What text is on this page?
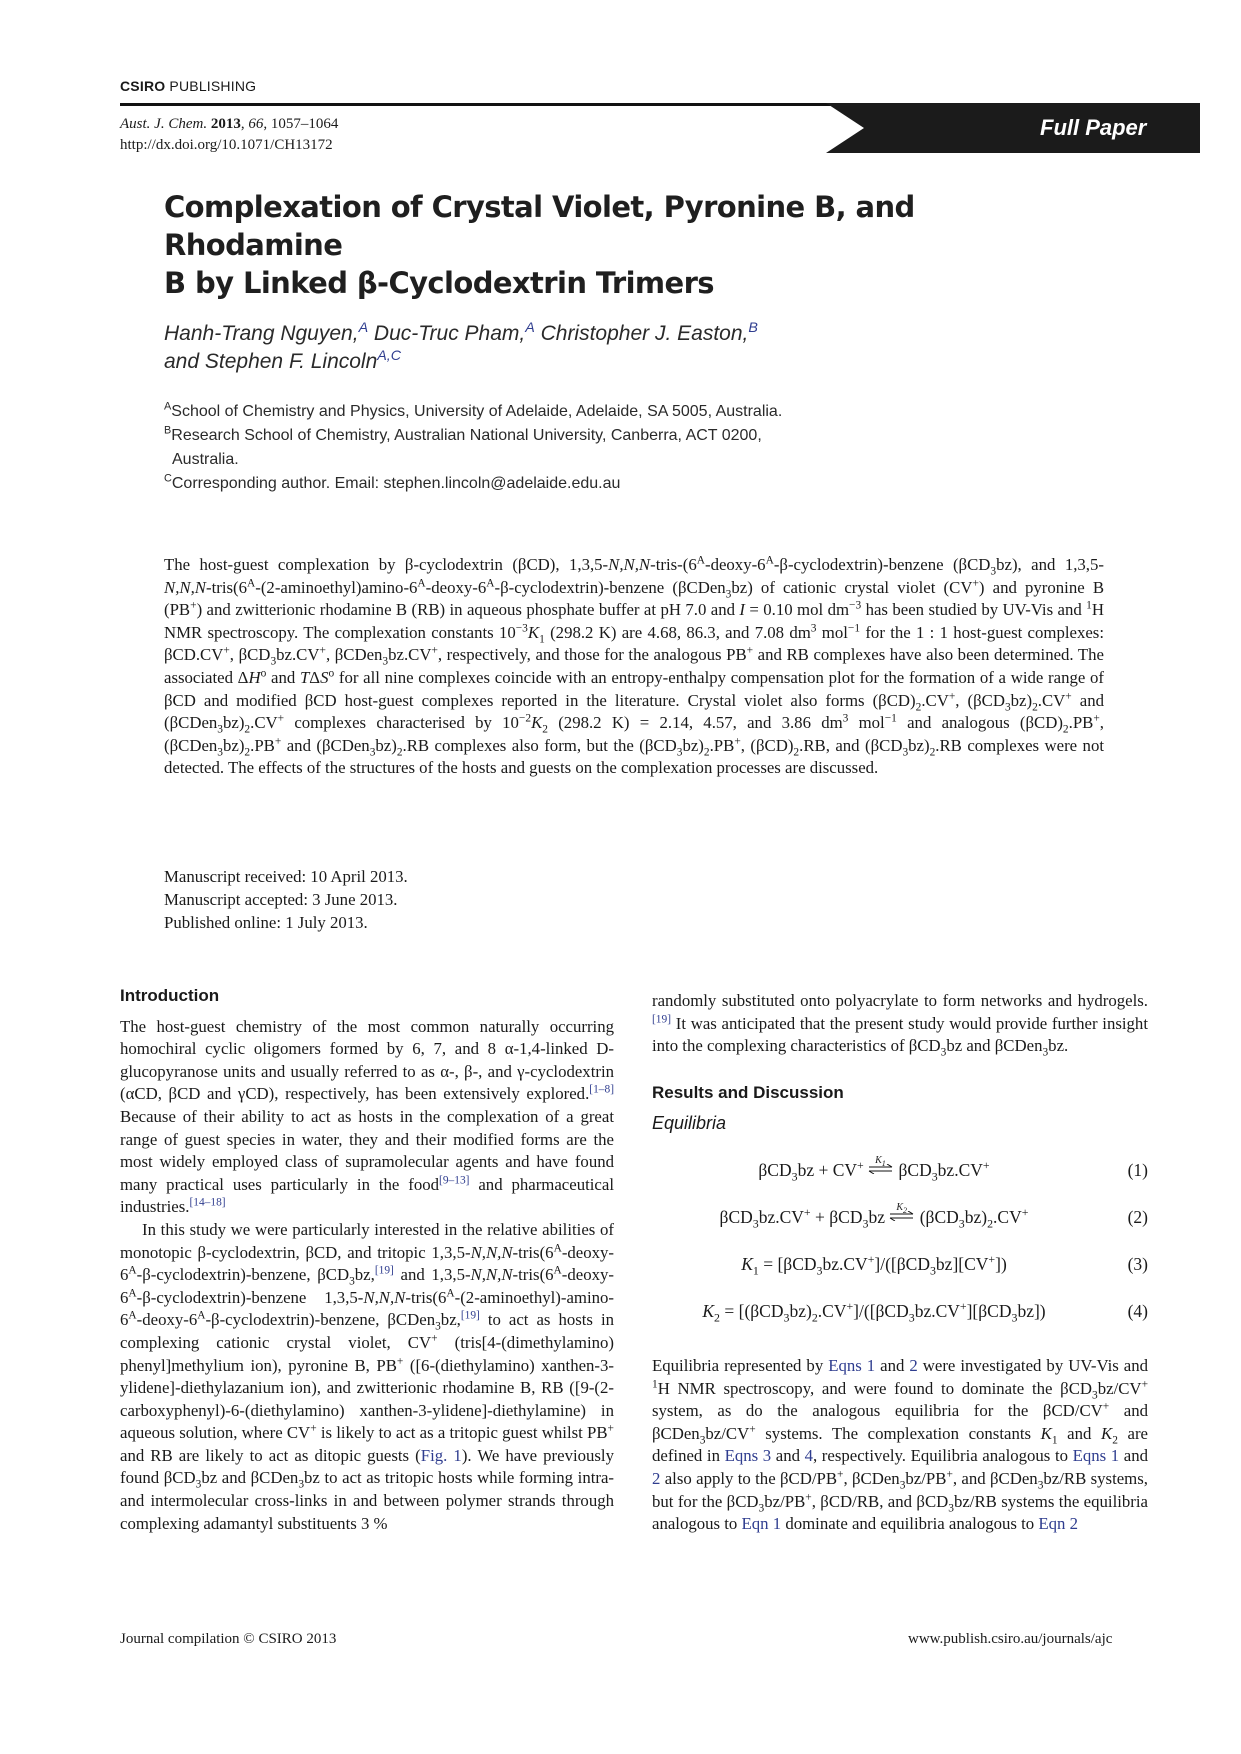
CSIRO PUBLISHING
Aust. J. Chem. 2013, 66, 1057–1064
http://dx.doi.org/10.1071/CH13172
Full Paper
Complexation of Crystal Violet, Pyronine B, and Rhodamine
B by Linked β-Cyclodextrin Trimers
Hanh-Trang Nguyen,$^A$ Duc-Truc Pham,$^A$ Christopher J. Easton,$^B$
and Stephen F. Lincoln$^{A,C}$

$^A$School of Chemistry and Physics, University of Adelaide, Adelaide, SA 5005, Australia.

$^B$Research School of Chemistry, Australian National University, Canberra, ACT 0200,
Australia.

$^C$Corresponding author. Email: stephen.lincoln@adelaide.edu.au

The host-guest complexation by β-cyclodextrin (βCD), $1,3,5-N,N,N-tris-(6^A-deoxy-6^A-\beta-cyclodextrin)$-benzene (βCD$_3$bz), and $1,3,5-N,N,N-tris(6^A-(2-aminoethyl)amino-6^A-deoxy-6^A-\beta-cyclodextrin)$-benzene (βCDen$_3$bz) of cationic crystal violet (CV+) and pyronine B (PB+) and zwitterionic rhodamine B (RB) in aqueous phosphate buffer at pH 7.0 and I = 0.10 mol $dm^{-3}$ has been studied by UV-Vis and $^1$H NMR spectroscopy. The complexation constants $10^{-3}K_1$ (298.2 K) are 4.68, 86.3, and 7.08 $dm^3$ mol$^{-1}$ for the 1 : 1 host-guest complexes: βCD.CV+, βCD$_3$bz.CV+, βCDen$_3$bz.CV+, respectively, and those for the analogous PB+ and RB complexes have also been determined. The associated $\Delta H^o$ and TΔS$^o$ for all nine complexes coincide with an entropy-enthalpy compensation plot for the formation of a wide range of βCD and modified βCD host-guest complexes reported in the literature. Crystal violet also forms $(\beta CD)_2.CV^+$, $(\beta CD_3bz)_2.CV^+$ and $(\beta CDen_3bz)_2.CV^+$ complexes characterised by $10^{-2}K_2$ (298.2 K) = 2.14, 4.57, and 3.86 $dm^3$ mol$^{-1}$ and analogous $(\beta CD)_2.PB^+$, $(\beta CDen_3bz)_2.PB^+$ and $(\beta CDen_3bz)_2.RB$ complexes also form, but the $(\beta CD_3bz)_2.PB^+$, $(\beta CD)_2.RB$, and $(\beta CD_3bz)_2.RB$ complexes were not detected. The effects of the structures of the hosts and guests on the complexation processes are discussed.
Manuscript received: 10 April 2013.
Manuscript accepted: 3 June 2013.
Published online: 1 July 2013.
Introduction

The host-guest chemistry of the most common naturally occurring homochiral cyclic oligomers formed by 6, 7, and 8 α-1,4-linked D-glucopyranose units and usually referred to as α-, β-, and γ-cyclodextrin (αCD, βCD and γCD), respectively, has been extensively explored.[1–8] Because of their ability to act as hosts in the complexation of a great range of guest species in water, they and their modified forms are the most widely employed class of supramolecular agents and have found many practical uses particularly in the food[9–13] and pharmaceutical industries.[14–18]

In this study we were particularly interested in the relative abilities of monotopic β-cyclodextrin, βCD, and tritopic $1,3,5-N,N,N-tris(6^A-deoxy-6^A-\beta-cyclodextrin)$-benzene, βCD$_3$bz,[19] and $1,3,5-N,N,N-tris(6^A-deoxy-6^A-\beta-cyclodextrin)$-benzene $1,3,5-N,N,N-tris(6^A-(2-aminoethyl)-amino-6^A-deoxy-6^A-\beta-cyclodextrin)$-benzene, βCDen$_3$bz,[19] to act as hosts in complexing cationic crystal violet, CV+ (tris[4-(dimethylamino) phenyl]methylium ion), pyronine B, PB+ ([6-(diethylamino) xanthen-3-ylidene]-diethylazanium ion), and zwitterionic rhodamine B, RB ([9-(2-carboxyphenyl)-6-(diethylamino) xanthen-3-ylidene]-diethylamine) in aqueous solution, where CV+ is likely to act as a tritopic guest whilst PB+ and RB are likely to act as ditopic guests (Fig. 1). We have previously found βCD$_3$bz and βCDen$_3$bz to act as tritopic hosts while forming intra- and intermolecular cross-links in and between polymer strands through complexing adamantyl substituents 3 %

randomly substituted onto polyacrylate to form networks and hydrogels.[19] It was anticipated that the present study would provide further insight into the complexing characteristics of βCD$_3$bz and βCDen$_3$bz.

Results and Discussion
Equilibria
βCD$_3$bz + CV+ $K_1$ βCD$_3$bz.CV+	(1)
βCD$_3$bz.CV+ + βCD$_3$bz $K_2$ $(\beta CD_3bz)_2.CV^+$	(2)
$K_1 = [\beta CD_3bz.CV^+]/([\beta CD_3bz][CV^+])$	(3)
$K_2 = [(\beta CD_3bz)_2.CV^+]/([\beta CD_3bz.CV^+][\beta CD_3bz])$	(4)

Equilibria represented by Eqns 1 and 2 were investigated by UV-Vis and $^1$H NMR spectroscopy, and were found to dominate the βCD$_3$bz/CV+ system, as do the analogous equilibria for the βCD/CV+ and βCDen$_3$bz/CV+ systems. The complexation constants $K_1$ and $K_2$ are defined in Eqns 3 and 4, respectively. Equilibria analogous to Eqns 1 and 2 also apply to the βCD/PB+, βCDen$_3$bz/PB+, and βCDen$_3$bz/RB systems, but for the βCD$_3$bz/PB+, βCD/RB, and βCD$_3$bz/RB systems the equilibria analogous to Eqn 1 dominate and equilibria analogous to Eqn 2

Journal compilation © CSIRO 2013	www.publish.csiro.au/journals/ajc
